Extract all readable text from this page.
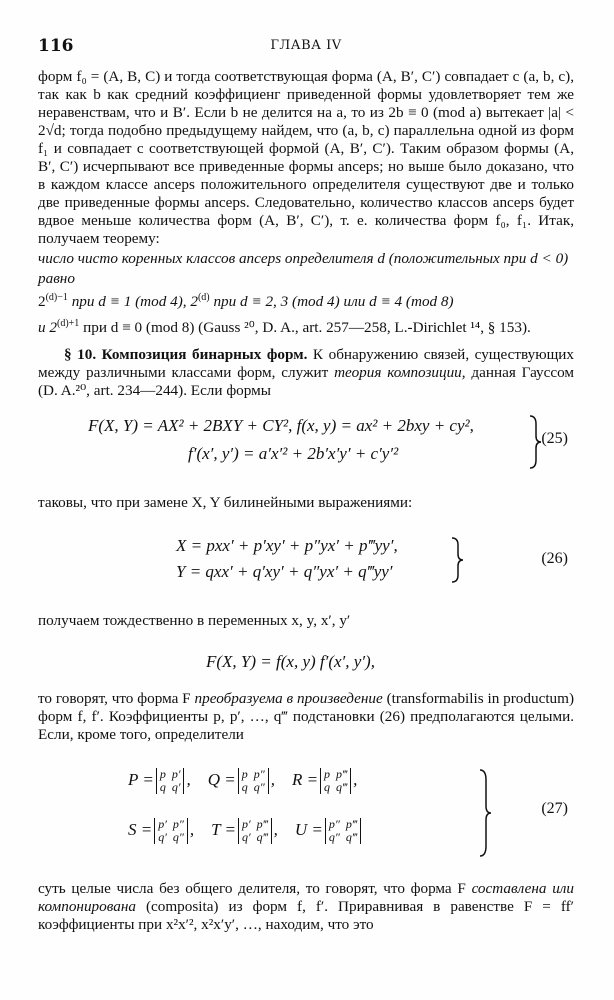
116	ГЛАВА IV

форм f₀ = (A, B, C) и тогда соответствующая форма (A, B′, C′) совпадает с (a, b, c), так как b как средний коэффициенг приведенной формы удовлетворяет тем же неравенствам, что и B′. Если b не делится на a, то из 2b ≡ 0 (mod a) вытекает |a| < 2√d; тогда подобно предыдущему найдем, что (a, b, c) параллельна одной из форм f₁ и совпадает с соответствующей формой (A, B′, C′). Таким образом формы (A, B′, C′) исчерпывают все приведенные формы anceps; но выше было доказано, что в каждом классе anceps положительного определителя существуют две и только две приведенные формы anceps. Следовательно, количество классов anceps будет вдвое меньше количества форм (A, B′, C′), т. е. количества форм f₀, f₁. Итак, получаем теорему:

число чисто коренных классов anceps определителя d (положительных при d < 0) равно

$2^{(d)-1}$ при d ≡ 1 (mod 4), 2$^{(d)}$ при d ≡ 2, 3 (mod 4) или d ≡ 4 (mod 8)
и $2^{(d)+1}$ при d ≡ 0 (mod 8) (Gauss ²⁰, D. A., art. 257—258, L.-Dirichlet ¹⁴, § 153).

§ 10. Композиция бинарных форм. К обнаружению связей, существующих между различными классами форм, служит теория композиции, данная Гауссом (D. A.²⁰, art. 234—244). Если формы

F(X, Y) = AX² + 2BXY + CY², f(x, y) = ax² + 2bxy + cy²,
f′(x′, y′) = a′x′² + 2b′x′y′ + c′y′²
(25)

таковы, что при замене X, Y билинейными выражениями:

X = pxx′ + p′xy′ + p″yx′ + p‴yy′,
Y = qxx′ + q′xy′ + q″yx′ + q‴yy′
(26)

получаем тождественно в переменных x, y, x′, y′

F(X, Y) = f(x, y) f′(x′, y′),

то говорят, что форма F преобразуема в произведение (transformabilis in productum) форм f, f′. Коэффициенты p, p′, …, q‴ подстановки (26) предполагаются целыми. Если, кроме того, определители

P = p p′
q q′ ,    Q = p p″
q q″ ,    R = p p‴
q q‴ ,
S = p′ p″
q′ q″ ,    T = p′ p‴
q′ q‴ ,    U = p″ p‴
q″ q‴
(27)

суть целые числа без общего делителя, то говорят, что форма F составлена или компонирована (composita) из форм f, f′. Приравнивая в равенстве F = ff′ коэффициенты при x²x′², x²x′y′, …, находим, что это
